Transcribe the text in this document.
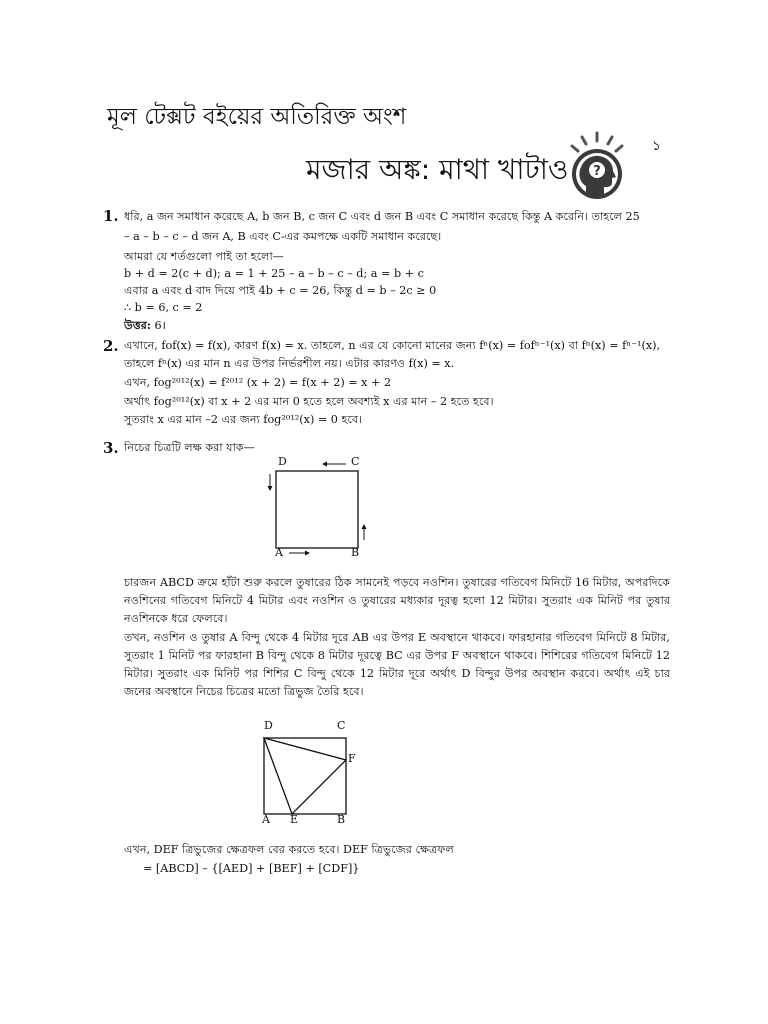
মূল টেক্সট বইয়ের অতিরিক্ত অংশ
১
মজার অঙ্ক: মাথা খাটাও ?
1. ধরি, a জন সমাধান করেছে A, b জন B, c জন C এবং d জন B এবং C সমাধান করেছে কিন্তু A করেনি। তাহলে 25
– a – b – c – d জন A, B এবং C-এর কমপক্ষে একটি সমাধান করেছে।
আমরা যে শর্তগুলো পাই তা হলো—
b + d = 2(c + d); a = 1 + 25 – a – b – c – d; a = b + c
এবার a এবং d বাদ দিয়ে পাই 4b + c = 26, কিন্তু d = b – 2c ≥ 0
∴ b = 6, c = 2
উত্তর: 6।
2. এখানে, fof(x) = f(x), কারণ f(x) = x. তাহলে, n এর যে কোনো মানের জন্য fⁿ(x) = fofⁿ⁻¹(x) বা fⁿ(x) = fⁿ⁻¹(x),
তাহলে fⁿ(x) এর মান n এর উপর নির্ভরশীল নয়। এটার কারণও f(x) = x.
এখন, fog²⁰¹²(x) = f²⁰¹² (x + 2) = f(x + 2) = x + 2
অর্থাৎ fog²⁰¹²(x) বা x + 2 এর মান 0 হতে হলে অবশ্যই x এর মান – 2 হতে হবে।
সুতরাং x এর মান –2 এর জন্য fog²⁰¹²(x) = 0 হবে।
3. নিচের চিত্রটি লক্ষ করা যাক—
D	C
A	B
চারজন ABCD ক্রমে হাঁটা শুরু করলে তুষারের ঠিক সামনেই পড়বে নওশিন। তুষারের গতিবেগ মিনিটে 16 মিটার, অপরদিকে নওশিনের গতিবেগ মিনিটে 4 মিটার এবং নওশিন ও তুষারের মধ্যকার দূরত্ব হলো 12 মিটার। সুতরাং এক মিনিট পর তুষার নওশিনকে ধরে ফেলবে।
তখন, নওশিন ও তুষার A বিন্দু থেকে 4 মিটার দূরে AB এর উপর E অবস্থানে থাকবে। ফারহানার গতিবেগ মিনিটে 8 মিটার, সুতরাং 1 মিনিট পর ফারহানা B বিন্দু থেকে 8 মিটার দূরত্বে BC এর উপর F অবস্থানে থাকবে। শিশিরের গতিবেগ মিনিটে 12 মিটার। সুতরাং এক মিনিট পর শিশির C বিন্দু থেকে 12 মিটার দূরে অর্থাৎ D বিন্দুর উপর অবস্থান করবে। অর্থাৎ এই চার জনের অবস্থানে নিচের চিত্রের মতো ত্রিভুজ তৈরি হবে।
D	C
F
A E	B
এখন, DEF ত্রিভুজের ক্ষেত্রফল বের করতে হবে। DEF ত্রিভুজের ক্ষেত্রফল
= [ABCD] – {[AED] + [BEF] + [CDF]}
